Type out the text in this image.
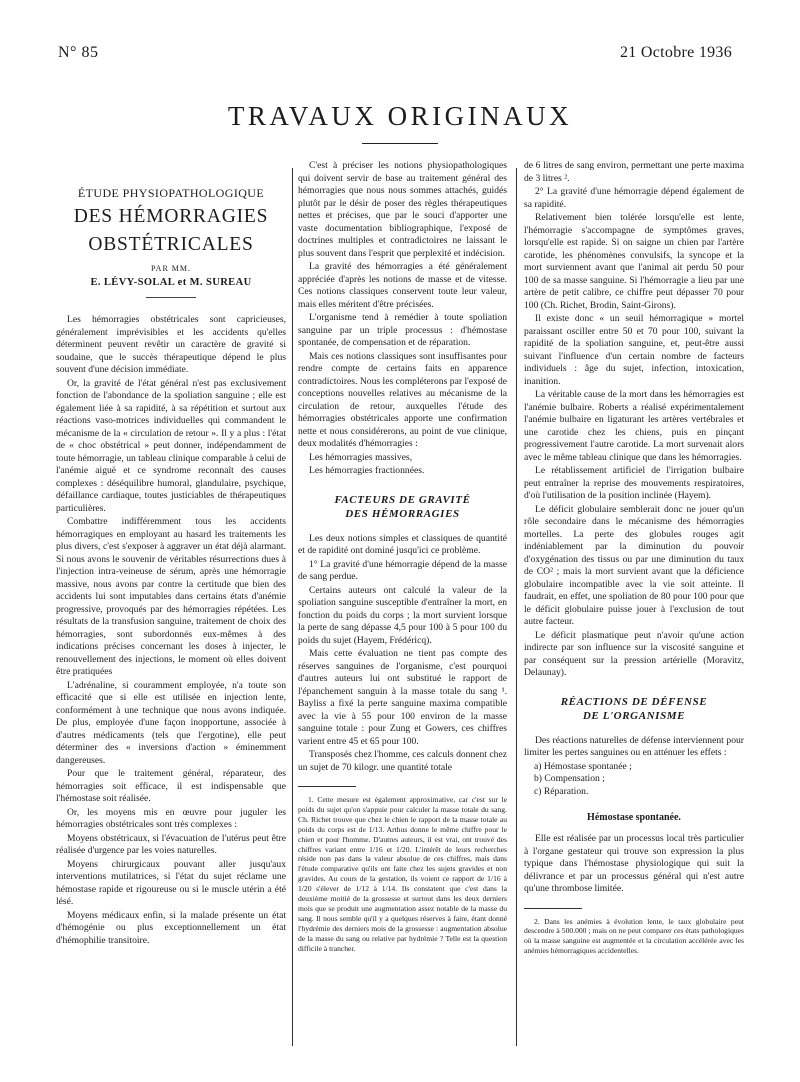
N° 85	21 Octobre 1936
TRAVAUX ORIGINAUX
ÉTUDE PHYSIOPATHOLOGIQUE
DES HÉMORRAGIES
OBSTÉTRICALES
PAR MM.
E. LÉVY-SOLAL et M. SUREAU

Les hémorragies obstétricales sont capricieuses, généralement imprévisibles et les accidents qu'elles déterminent peuvent revêtir un caractère de gravité si soudaine, que le succès thérapeutique dépend le plus souvent d'une décision immédiate.

Or, la gravité de l'état général n'est pas exclusivement fonction de l'abondance de la spoliation sanguine ; elle est également liée à sa rapidité, à sa répétition et surtout aux réactions vaso-motrices individuelles qui commandent le mécanisme de la « circulation de retour ». Il y a plus : l'état de « choc obstétrical » peut donner, indépendamment de toute hémorragie, un tableau clinique comparable à celui de l'anémie aiguë et ce syndrome reconnaît des causes complexes : déséquilibre humoral, glandulaire, psychique, défaillance cardiaque, toutes justiciables de thérapeutiques particulières.

Combattre indifféremment tous les accidents hémorragiques en employant au hasard les traitements les plus divers, c'est s'exposer à aggraver un état déjà alarmant. Si nous avons le souvenir de véritables résurrections dues à l'injection intra-veineuse de sérum, après une hémorragie massive, nous avons par contre la certitude que bien des accidents lui sont imputables dans certains états d'anémie progressive, provoqués par des hémorragies répétées. Les résultats de la transfusion sanguine, traitement de choix des hémorragies, sont subordonnés eux-mêmes à des indications précises concernant les doses à injecter, le renouvellement des injections, le moment où elles doivent être pratiquées

L'adrénaline, si couramment employée, n'a toute son efficacité que si elle est utilisée en injection lente, conformément à une technique que nous avons indiquée. De plus, employée d'une façon inopportune, associée à d'autres médicaments (tels que l'ergotine), elle peut déterminer des « inversions d'action » éminemment dangereuses.

Pour que le traitement général, réparateur, des hémorragies soit efficace, il est indispensable que l'hémostase soit réalisée.

Or, les moyens mis en œuvre pour juguler les hémorragies obstétricales sont très complexes :

Moyens obstétricaux, si l'évacuation de l'utérus peut être réalisée d'urgence par les voies naturelles.

Moyens chirurgicaux pouvant aller jusqu'aux interventions mutilatrices, si l'état du sujet réclame une hémostase rapide et rigoureuse ou si le muscle utérin a été lésé.

Moyens médicaux enfin, si la malade présente un état d'hémogénie ou plus exceptionnellement un état d'hémophilie transitoire.

C'est à préciser les notions physiopathologiques qui doivent servir de base au traitement général des hémorragies que nous nous sommes attachés, guidés plutôt par le désir de poser des règles thérapeutiques nettes et précises, que par le souci d'apporter une vaste documentation bibliographique, l'exposé de doctrines multiples et contradictoires ne laissant le plus souvent dans l'esprit que perplexité et indécision.

La gravité des hémorragies a été généralement appréciée d'après les notions de masse et de vitesse. Ces notions classiques conservent toute leur valeur, mais elles méritent d'être précisées.

L'organisme tend à remédier à toute spoliation sanguine par un triple processus : d'hémostase spontanée, de compensation et de réparation.

Mais ces notions classiques sont insuffisantes pour rendre compte de certains faits en apparence contradictoires. Nous les compléterons par l'exposé de conceptions nouvelles relatives au mécanisme de la circulation de retour, auxquelles l'étude des hémorragies obstétricales apporte une confirmation nette et nous considérerons, au point de vue clinique, deux modalités d'hémorragies :

Les hémorragies massives,

Les hémorragies fractionnées.

FACTEURS DE GRAVITÉ
DES HÉMORRAGIES

Les deux notions simples et classiques de quantité et de rapidité ont dominé jusqu'ici ce problème.

1° La gravité d'une hémorragie dépend de la masse de sang perdue.

Certains auteurs ont calculé la valeur de la spoliation sanguine susceptible d'entraîner la mort, en fonction du poids du corps ; la mort survient lorsque la perte de sang dépasse 4,5 pour 100 à 5 pour 100 du poids du sujet (Hayem, Frédéricq).

Mais cette évaluation ne tient pas compte des réserves sanguines de l'organisme, c'est pourquoi d'autres auteurs lui ont substitué le rapport de l'épanchement sanguin à la masse totale du sang ¹. Bayliss a fixé la perte sanguine maxima compatible avec la vie à 55 pour 100 environ de la masse sanguine totale : pour Zung et Gowers, ces chiffres varient entre 45 et 65 pour 100.

Transposés chez l'homme, ces calculs donnent chez un sujet de 70 kilogr. une quantité totale

1. Cette mesure est également approximative, car c'est sur le poids du sujet qu'on s'appuie pour calculer la masse totale du sang. Ch. Richet trouve que chez le chien le rapport de la masse totale au poids du corps est de 1/13. Arthus donne le même chiffre pour le chien et pour l'homme. D'autres auteurs, il est vrai, ont trouvé des chiffres variant entre 1/16 et 1/20. L'intérêt de leurs recherches réside non pas dans la valeur absolue de ces chiffres, mais dans l'étude comparative qu'ils ont faite chez les sujets gravides et non gravides. Au cours de la gestation, ils voient ce rapport de 1/16 à 1/20 s'élever de 1/12 à 1/14. Ils constatent que c'est dans la deuxième moitié de la grossesse et surtout dans les deux derniers mois que se produit une augmentation assez notable de la masse du sang. Il nous semble qu'il y a quelques réserves à faire, étant donné l'hydrémie des derniers mois de la grossesse : augmentation absolue de la masse du sang ou relative par hydrémie ? Telle est la question difficile à trancher.

de 6 litres de sang environ, permettant une perte maxima de 3 litres ².

2° La gravité d'une hémorragie dépend également de sa rapidité.

Relativement bien tolérée lorsqu'elle est lente, l'hémorragie s'accompagne de symptômes graves, lorsqu'elle est rapide. Si on saigne un chien par l'artère carotide, les phénomènes convulsifs, la syncope et la mort surviennent avant que l'animal ait perdu 50 pour 100 de sa masse sanguine. Si l'hémorragie a lieu par une artère de petit calibre, ce chiffre peut dépasser 70 pour 100 (Ch. Richet, Brodin, Saint-Girons).

Il existe donc « un seuil hémorragique » mortel paraissant osciller entre 50 et 70 pour 100, suivant la rapidité de la spoliation sanguine, et, peut-être aussi suivant l'influence d'un certain nombre de facteurs individuels : âge du sujet, infection, intoxication, inanition.

La véritable cause de la mort dans les hémorragies est l'anémie bulbaire. Roberts a réalisé expérimentalement l'anémie bulbaire en ligaturant les artères vertébrales et une carotide chez les chiens, puis en pinçant progressivement l'autre carotide. La mort survenait alors avec le même tableau clinique que dans les hémorragies.

Le rétablissement artificiel de l'irrigation bulbaire peut entraîner la reprise des mouvements respiratoires, d'où l'utilisation de la position inclinée (Hayem).

Le déficit globulaire semblerait donc ne jouer qu'un rôle secondaire dans le mécanisme des hémorragies mortelles. La perte des globules rouges agit indéniablement par la diminution du pouvoir d'oxygénation des tissus ou par une diminution du taux de CO² ; mais la mort survient avant que la déficience globulaire incompatible avec la vie soit atteinte. Il faudrait, en effet, une spoliation de 80 pour 100 pour que le déficit globulaire puisse jouer à l'exclusion de tout autre facteur.

Le déficit plasmatique peut n'avoir qu'une action indirecte par son influence sur la viscosité sanguine et par conséquent sur la pression artérielle (Moravitz, Delaunay).

RÉACTIONS DE DÉFENSE
DE L'ORGANISME

Des réactions naturelles de défense interviennent pour limiter les pertes sanguines ou en atténuer les effets :

a) Hémostase spontanée ;
b) Compensation ;
c) Réparation.
Hémostase spontanée.

Elle est réalisée par un processus local très particulier à l'organe gestateur qui trouve son expression la plus typique dans l'hémostase physiologique qui suit la délivrance et par un processus général qui n'est autre qu'une thrombose limitée.

2. Dans les anémies à évolution lente, le taux globulaire peut descendre à 500.000 ; mais on ne peut comparer ces états pathologiques où la masse sanguine est augmentée et la circulation accélérée avec les anémies hémorragiques accidentelles.
